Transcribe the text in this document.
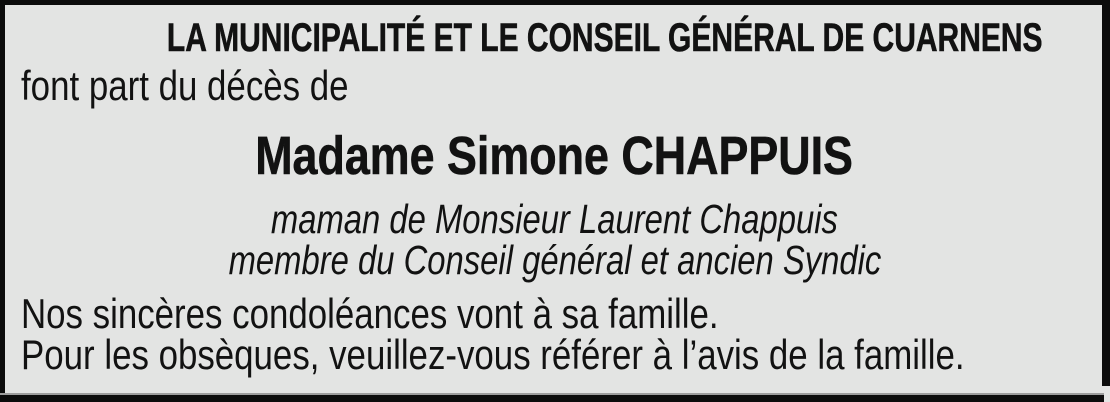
LA MUNICIPALITÉ ET LE CONSEIL GÉNÉRAL DE CUARNENS
font part du décès de
Madame Simone CHAPPUIS
maman de Monsieur Laurent Chappuis
membre du Conseil général et ancien Syndic
Nos sincères condoléances vont à sa famille.
Pour les obsèques, veuillez-vous référer à l’avis de la famille.
